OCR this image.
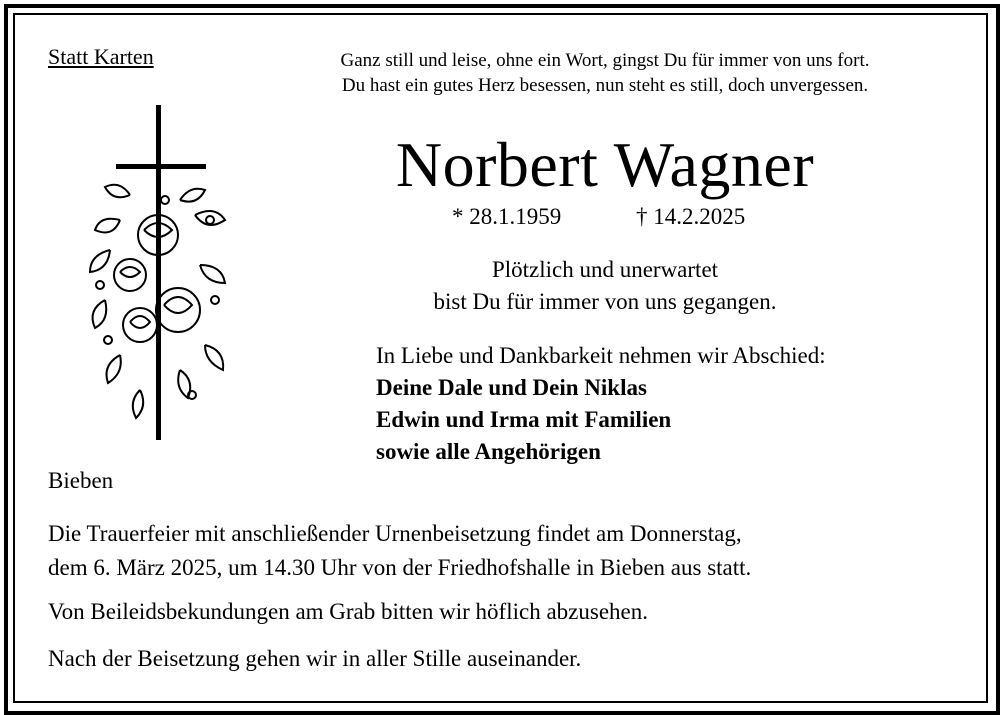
Statt Karten	Ganz still und leise, ohne ein Wort, gingst Du für immer von uns fort.
Du hast ein gutes Herz besessen, nun steht es still, doch unvergessen.
Norbert Wagner
* 28.1.1959	† 14.2.2025
Plötzlich und unerwartet
bist Du für immer von uns gegangen.
In Liebe und Dankbarkeit nehmen wir Abschied:
Deine Dale und Dein Niklas
Edwin und Irma mit Familien
sowie alle Angehörigen
Bieben
Die Trauerfeier mit anschließender Urnenbeisetzung findet am Donnerstag,
dem 6. März 2025, um 14.30 Uhr von der Friedhofshalle in Bieben aus statt.
Von Beileidsbekundungen am Grab bitten wir höflich abzusehen.
Nach der Beisetzung gehen wir in aller Stille auseinander.
